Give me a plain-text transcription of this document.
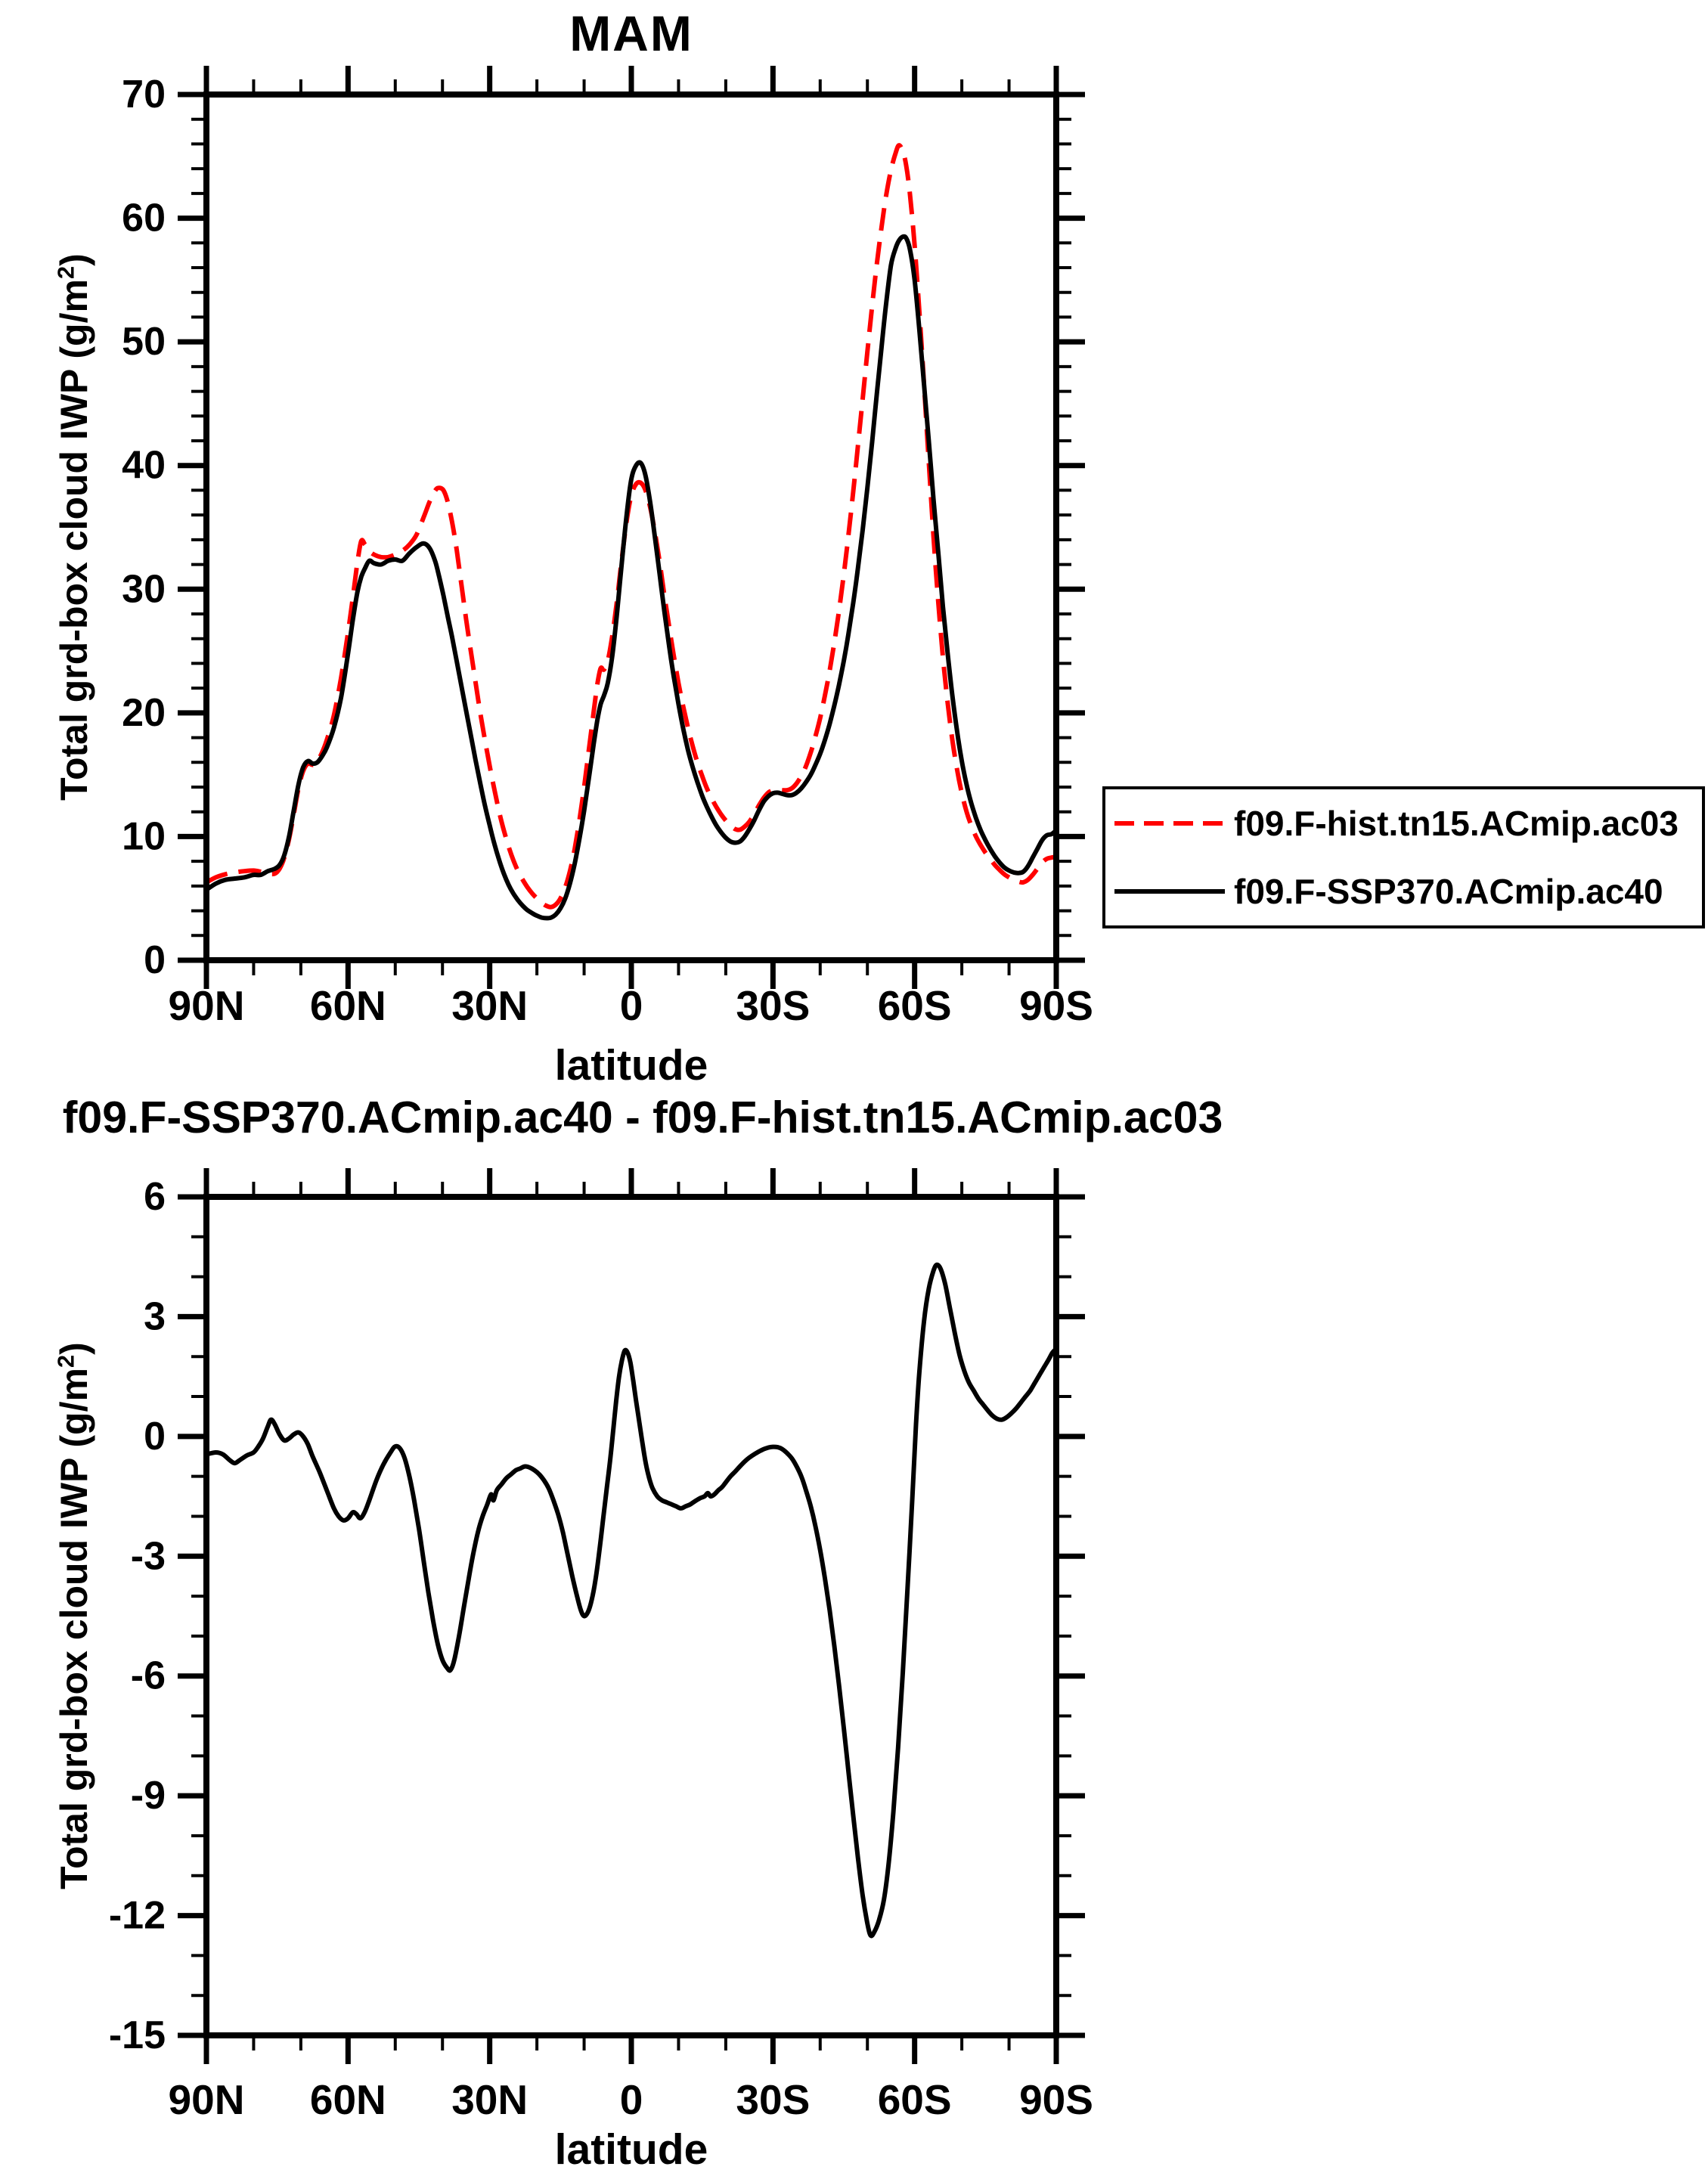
90N 60N 30N 0 30S 60S 90S
70
60
50
40
30
20
10
0
90N 60N 30N 0 30S 60S 90S
6
3
0
-3
-6
-9
-12
-15
MAM
Total grd-box cloud IWP $(g/m^2)$
latitude
f09.F-SSP370.ACmip.ac40 - f09.F-hist.tn15.ACmip.ac03
Total grd-box cloud IWP $(g/m^2)$
latitude
f09.F-hist.tn15.ACmip.ac03
f09.F-SSP370.ACmip.ac40
